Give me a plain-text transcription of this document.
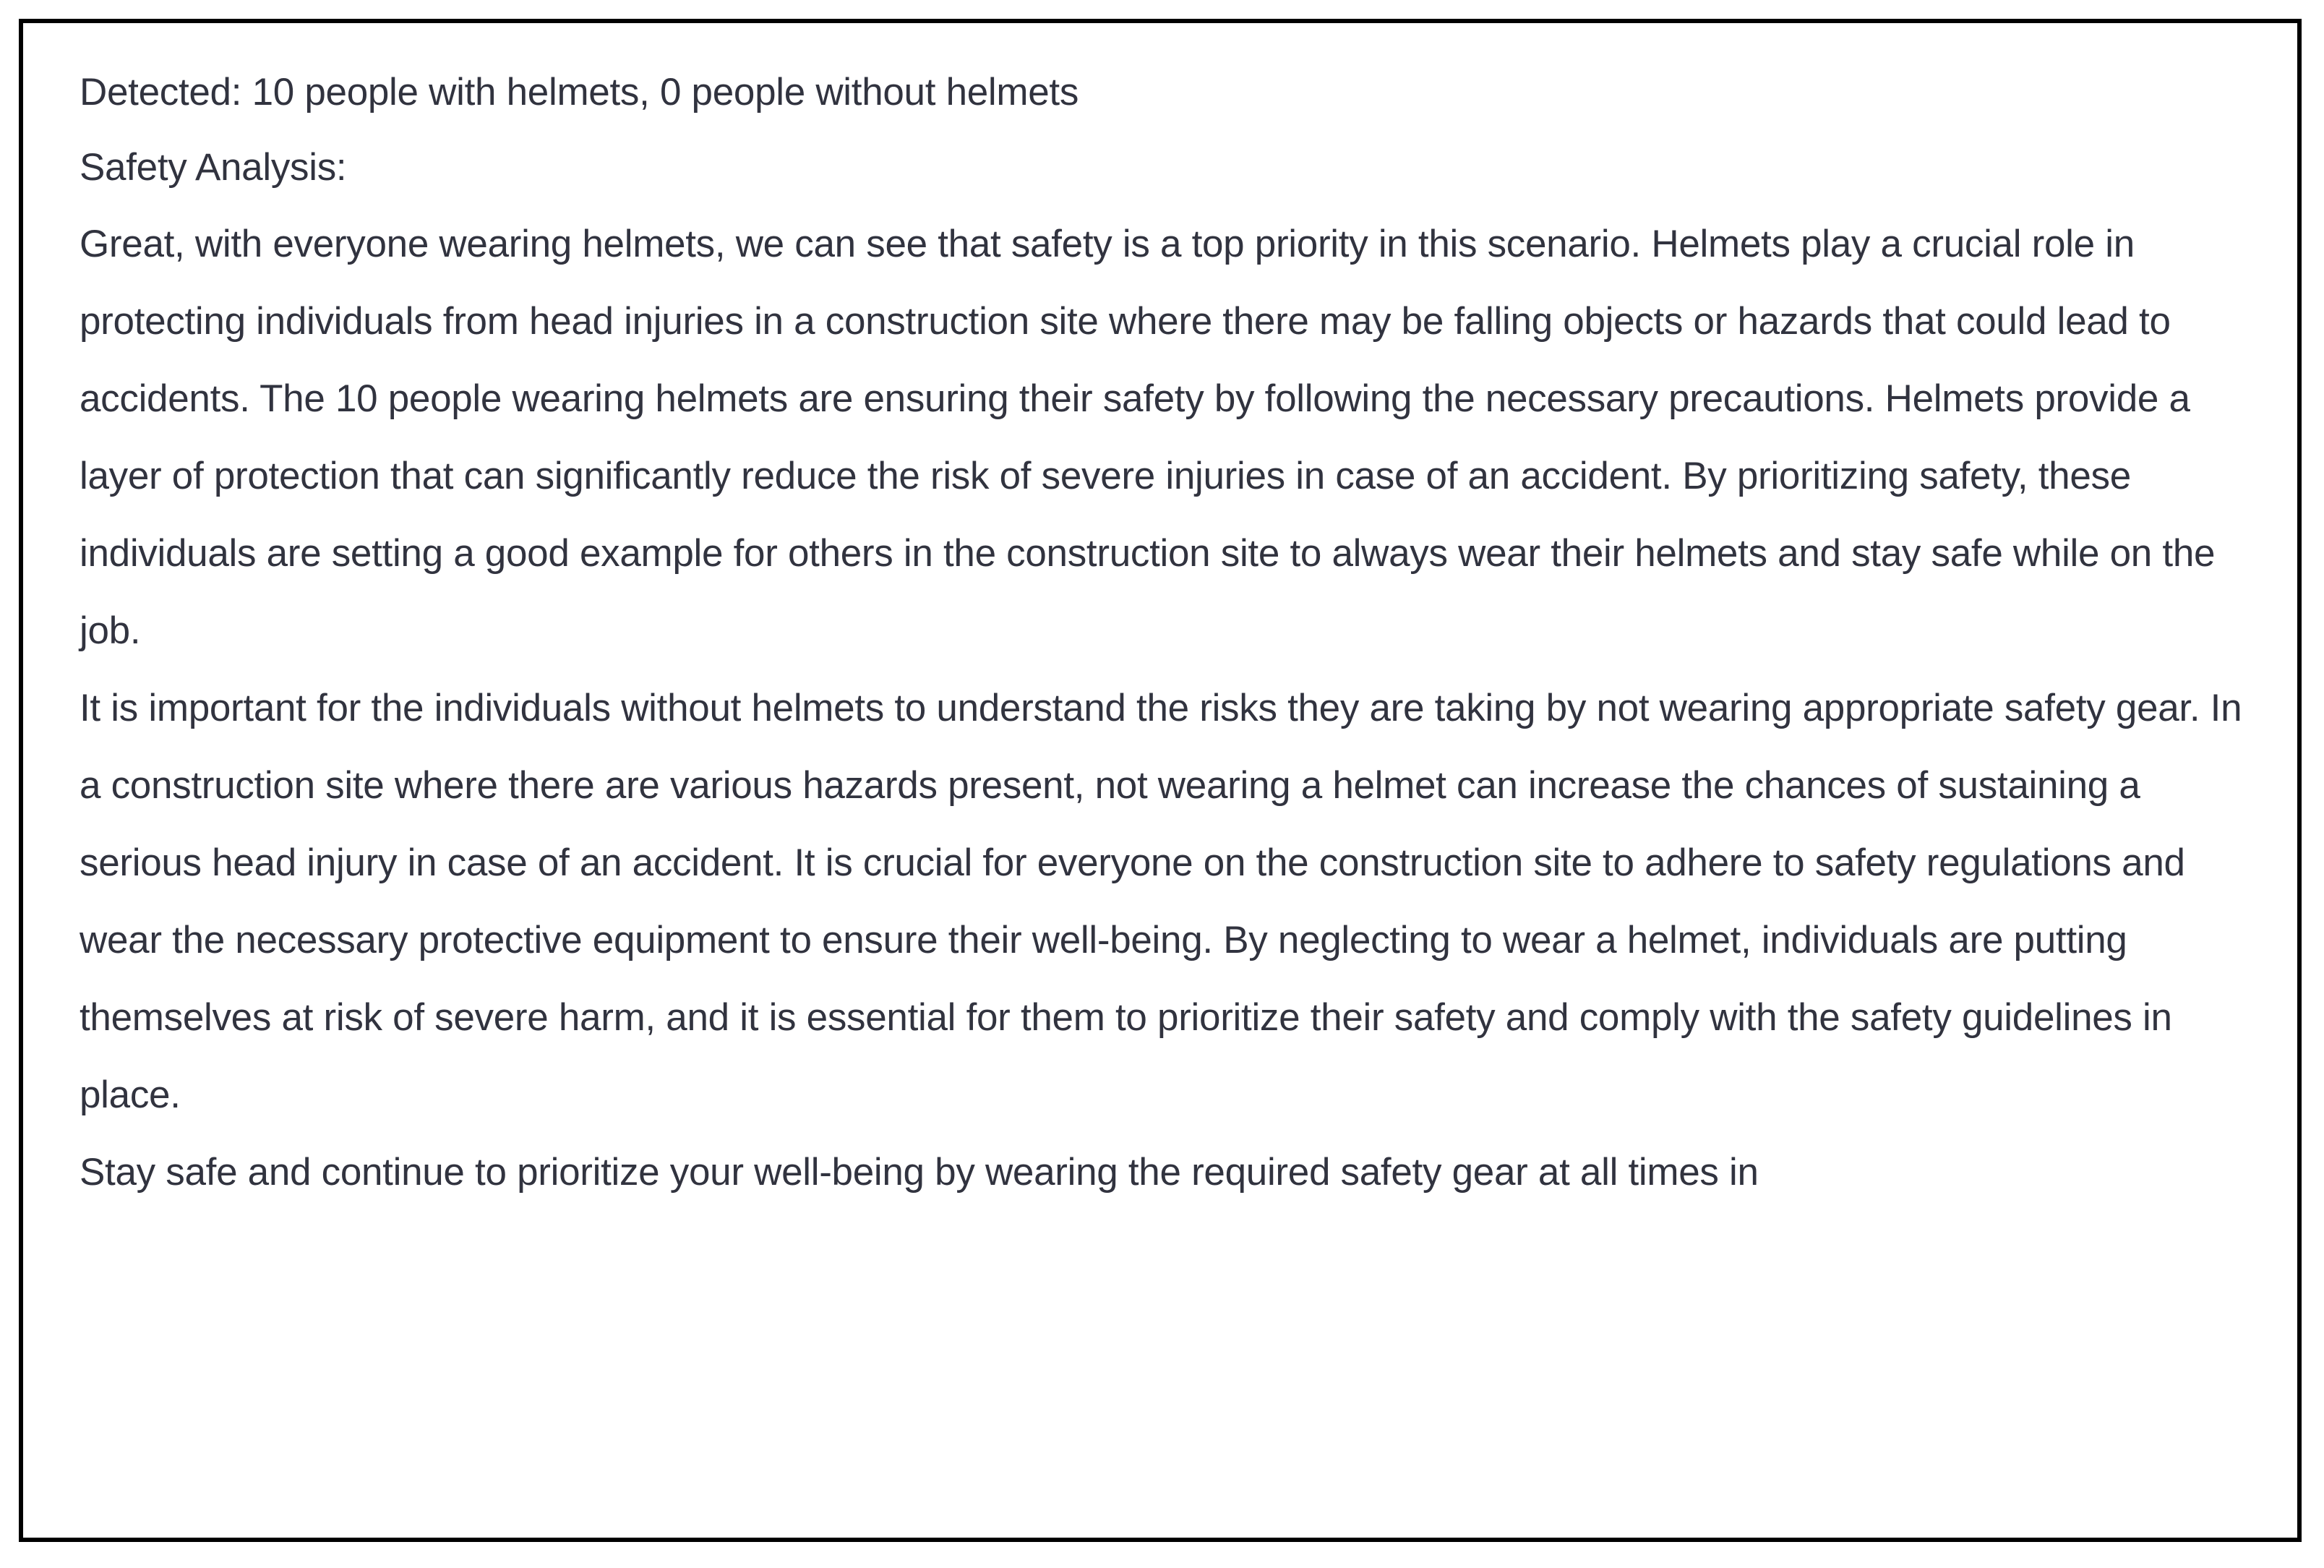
Detected: 10 people with helmets, 0 people without helmets

Safety Analysis:

Great, with everyone wearing helmets, we can see that safety is a top priority in this scenario. Helmets play a crucial role in protecting individuals from head injuries in a construction site where there may be falling objects or hazards that could lead to accidents. The 10 people wearing helmets are ensuring their safety by following the necessary precautions. Helmets provide a layer of protection that can significantly reduce the risk of severe injuries in case of an accident. By prioritizing safety, these individuals are setting a good example for others in the construction site to always wear their helmets and stay safe while on the job.

It is important for the individuals without helmets to understand the risks they are taking by not wearing appropriate safety gear. In a construction site where there are various hazards present, not wearing a helmet can increase the chances of sustaining a serious head injury in case of an accident. It is crucial for everyone on the construction site to adhere to safety regulations and wear the necessary protective equipment to ensure their well-being. By neglecting to wear a helmet, individuals are putting themselves at risk of severe harm, and it is essential for them to prioritize their safety and comply with the safety guidelines in place.

Stay safe and continue to prioritize your well-being by wearing the required safety gear at all times in
